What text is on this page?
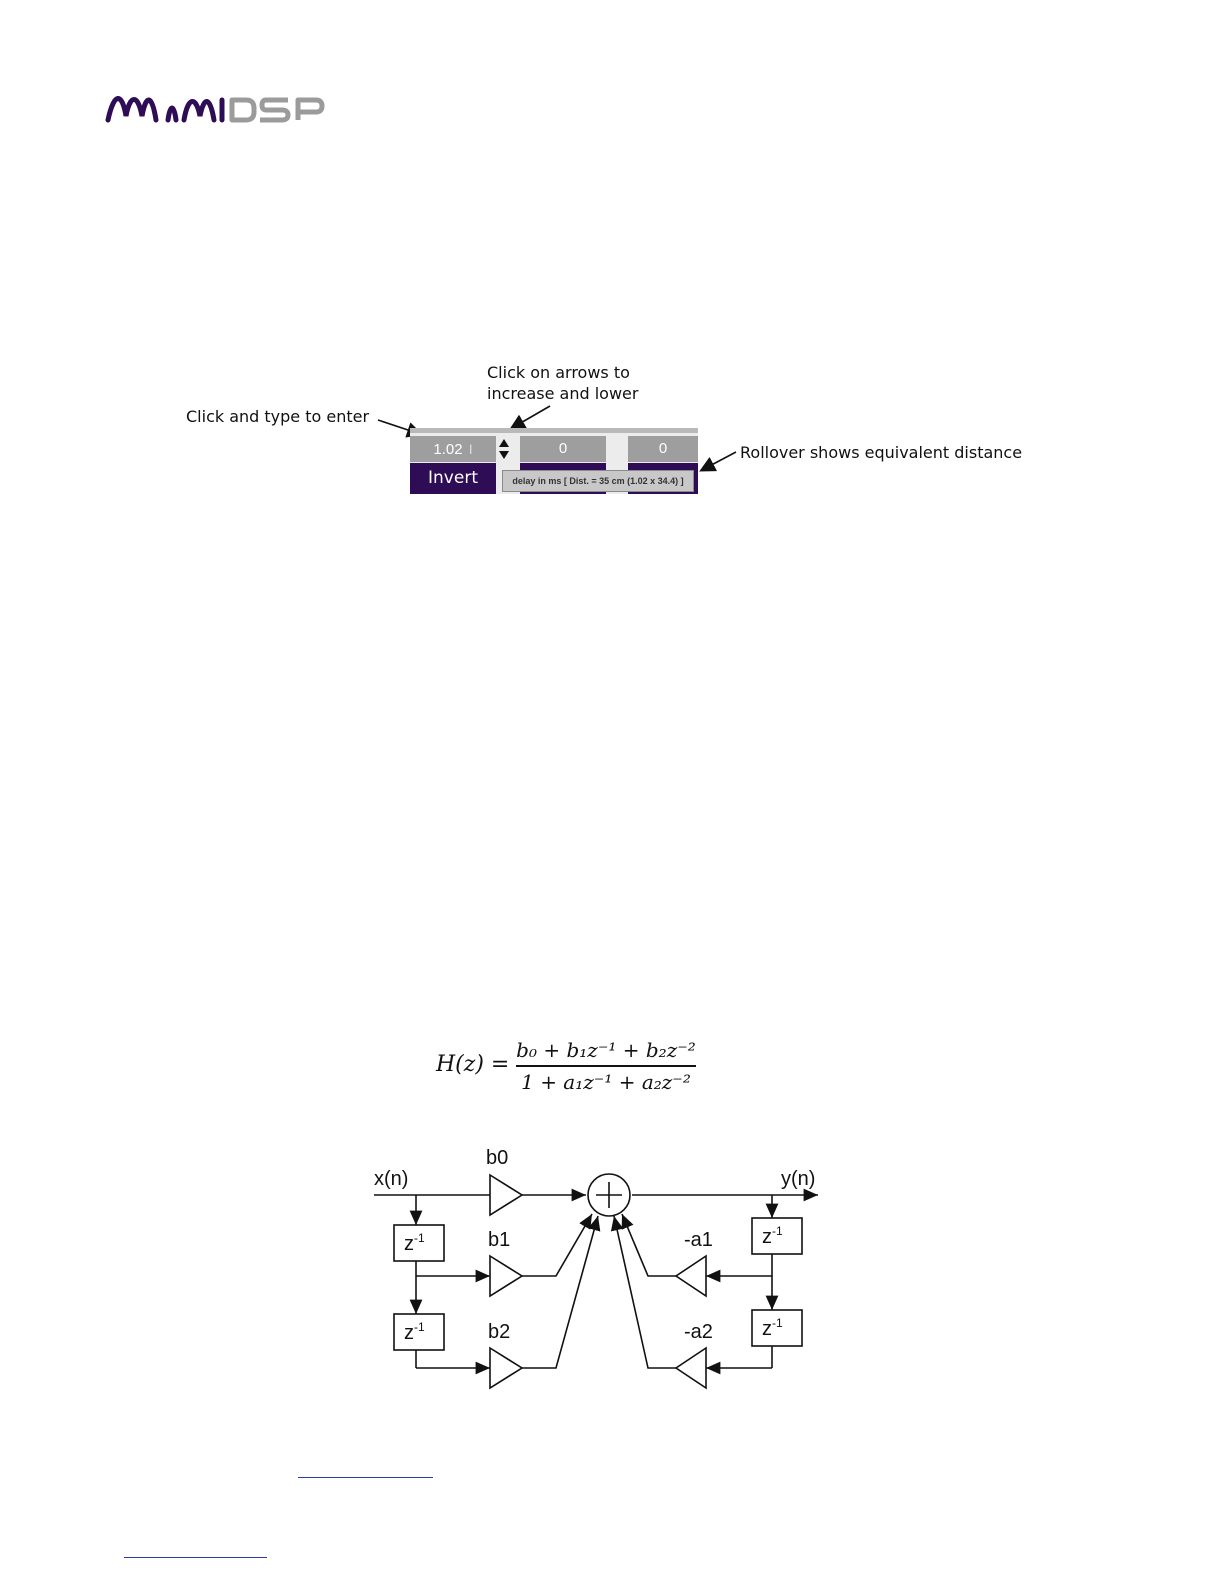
Click on arrows to
increase and lower
Click and type to enter
Rollover shows equivalent distance
1.02 I	0	0
Invert	delay in ms [ Dist. = 35 cm (1.02 x 34.4) ]
H(z) =
b₀ + b₁z⁻¹ + b₂z⁻²
1 + a₁z⁻¹ + a₂z⁻²
$z^{-1}$
$z^{-1}$
$z^{-1}$
$z^{-1}$
x(n)	y(n)
b0
b1
b2
-a1
-a2
